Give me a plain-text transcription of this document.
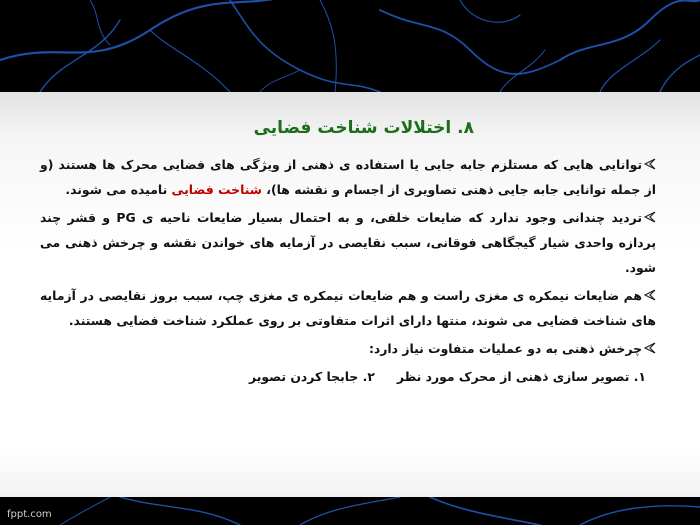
۸. اختلالات شناخت فضایی

توانایی هایی که مستلزم جابه جایی یا استفاده ی ذهنی از ویژگی های فضایی محرک ها هستند (و از جمله توانایی جابه جایی ذهنی تصاویری از اجسام و نقشه ها)، شناخت فضایی نامیده می شوند.

تردید چندانی وجود ندارد که ضایعات خلفی، و به احتمال بسیار ضایعات ناحیه ی PG و قشر چند پردازه واحدی شیار گیجگاهی فوقانی، سبب نقایصی در آزمایه های خواندن نقشه و چرخش ذهنی می شود.

هم ضایعات نیمکره ی مغزی راست و هم ضایعات نیمکره ی مغزی چپ، سبب بروز نقایصی در آزمایه های شناخت فضایی می شوند، منتها دارای اثرات متفاوتی بر روی عملکرد شناخت فضایی هستند.

چرخش ذهنی به دو عملیات متفاوت نیاز دارد:

۱. تصویر سازی ذهنی از محرک مورد نظر۲. جابجا کردن تصویر
fppt.com
